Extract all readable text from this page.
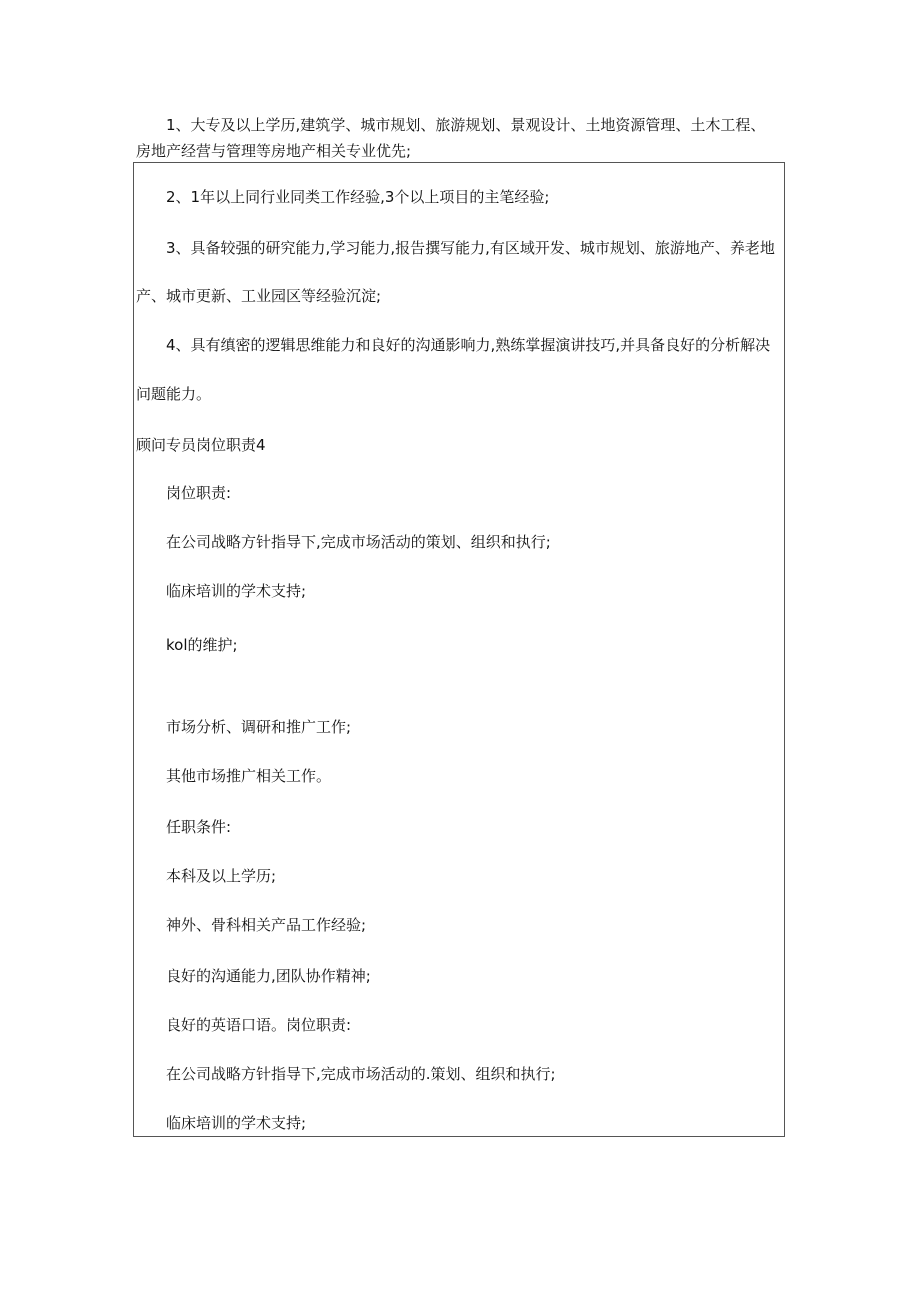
1、大专及以上学历,建筑学、城市规划、旅游规划、景观设计、土地资源管理、土木工程、
房地产经营与管理等房地产相关专业优先;
2、1年以上同行业同类工作经验,3个以上项目的主笔经验;
3、具备较强的研究能力,学习能力,报告撰写能力,有区域开发、城市规划、旅游地产、养老地
产、城市更新、工业园区等经验沉淀;
4、具有缜密的逻辑思维能力和良好的沟通影响力,熟练掌握演讲技巧,并具备良好的分析解决
问题能力。
顾问专员岗位职责4
岗位职责:
在公司战略方针指导下,完成市场活动的策划、组织和执行;
临床培训的学术支持;
kol的维护;
市场分析、调研和推广工作;
其他市场推广相关工作。
任职条件:
本科及以上学历;
神外、骨科相关产品工作经验;
良好的沟通能力,团队协作精神;
良好的英语口语。岗位职责:
在公司战略方针指导下,完成市场活动的.策划、组织和执行;
临床培训的学术支持;
